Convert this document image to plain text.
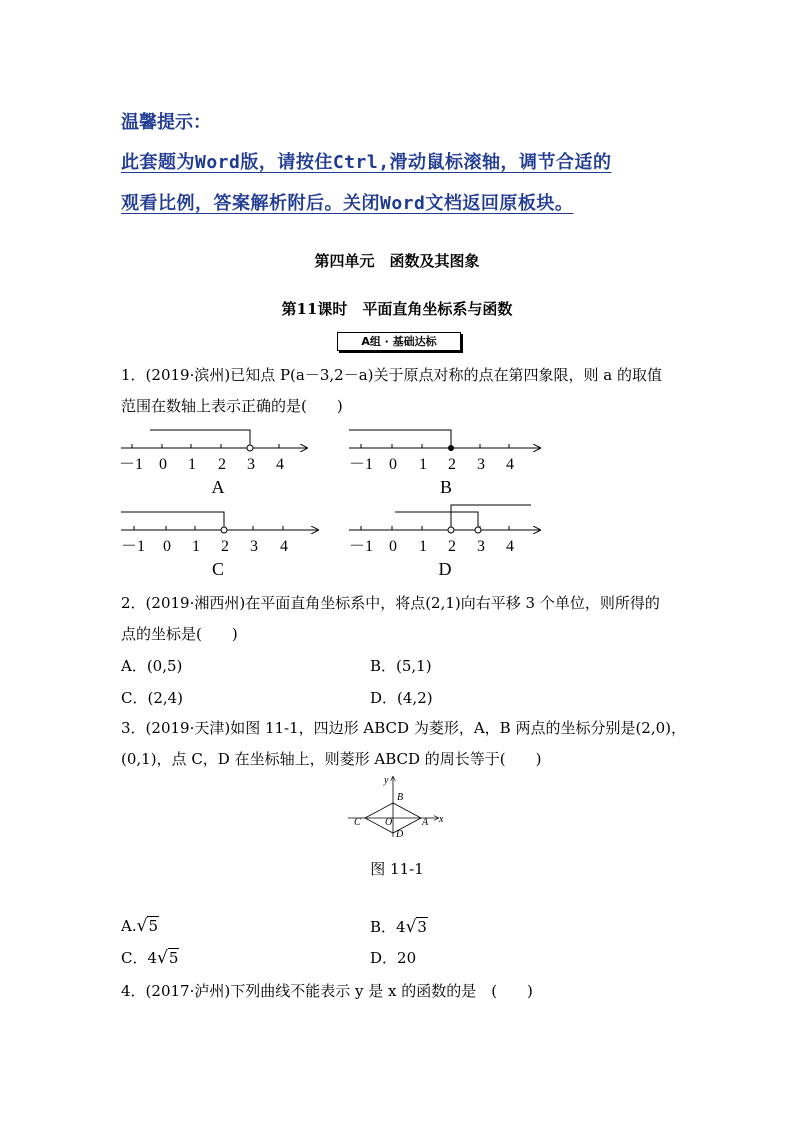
温馨提示：
此套题为Word版，请按住Ctrl,滑动鼠标滚轴，调节合适的
观看比例，答案解析附后。关闭Word文档返回原板块。
第四单元　函数及其图象
第11课时　平面直角坐标系与函数
A组 · 基础达标
1．(2019·滨州)已知点 P(a－3,2－a)关于原点对称的点在第四象限，则 a 的取值
范围在数轴上表示正确的是(　　)
－1 0 1 2 3 4
A
－1 0 1 2 3 4
B
－1 0 1 2 3 4
C
－1 0 1 2 3 4
D
2．(2019·湘西州)在平面直角坐标系中，将点(2,1)向右平移 3 个单位，则所得的
点的坐标是(　　)
A．(0,5)	B．(5,1)
C．(2,4)	D．(4,2)
3．(2019·天津)如图 11-1，四边形 ABCD 为菱形，A，B 两点的坐标分别是(2,0)，
(0,1)，点 C，D 在坐标轴上，则菱形 ABCD 的周长等于(　　)
y
x
B
C O	A
D
图 11-1
A.√5	B．4√3
C．4√5	D．20
4．(2017·泸州)下列曲线不能表示 y 是 x 的函数的是　(　　)
